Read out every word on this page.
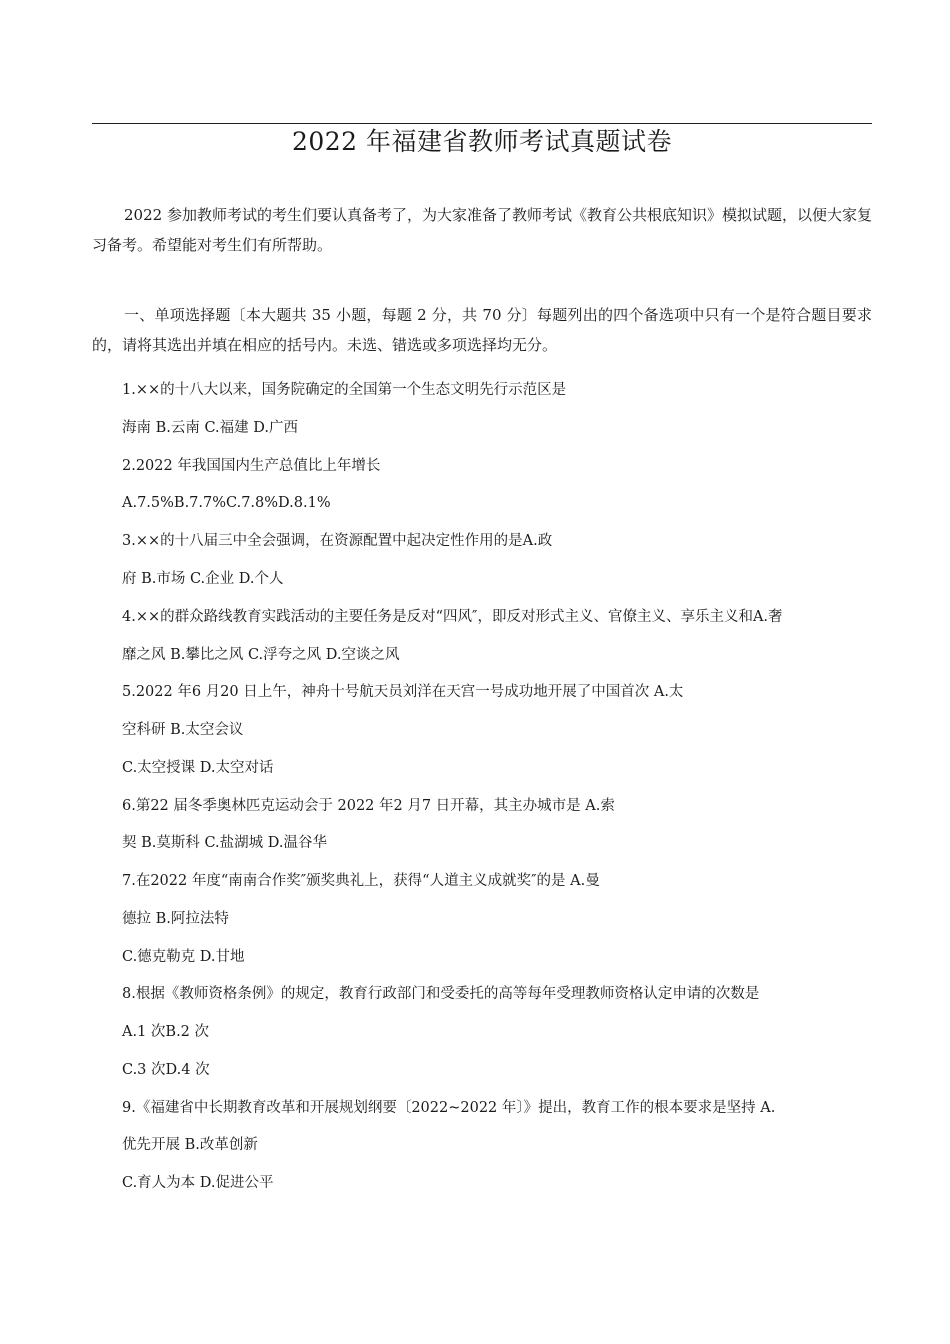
2022 年福建省教师考试真题试卷

2022 参加教师考试的考生们要认真备考了，为大家准备了教师考试《教育公共根底知识》模拟试题，以便大家复习备考。希望能对考生们有所帮助。

一、单项选择题〔本大题共 35 小题，每题 2 分，共 70 分〕每题列出的四个备选项中只有一个是符合题目要求的，请将其选出并填在相应的括号内。未选、错选或多项选择均无分。

1.××的十八大以来，国务院确定的全国第一个生态文明先行示范区是

海南 B.云南 C.福建 D.广西

2.2022 年我国国内生产总值比上年增长

A.7.5%B.7.7%C.7.8%D.8.1%

3.××的十八届三中全会强调，在资源配置中起决定性作用的是A.政

府 B.市场 C.企业 D.个人

4.××的群众路线教育实践活动的主要任务是反对“四风″，即反对形式主义、官僚主义、享乐主义和A.奢

靡之风 B.攀比之风 C.浮夸之风 D.空谈之风

5.2022 年6 月20 日上午，神舟十号航天员刘洋在天宫一号成功地开展了中国首次 A.太

空科研 B.太空会议

C.太空授课 D.太空对话

6.第22 届冬季奥林匹克运动会于 2022 年2 月7 日开幕，其主办城市是 A.索

契 B.莫斯科 C.盐湖城 D.温谷华

7.在2022 年度“南南合作奖″颁奖典礼上，获得“人道主义成就奖″的是 A.曼

德拉 B.阿拉法特

C.德克勒克 D.甘地

8.根据《教师资格条例》的规定，教育行政部门和受委托的高等每年受理教师资格认定申请的次数是

A.1 次B.2 次

C.3 次D.4 次

9.《福建省中长期教育改革和开展规划纲要〔2022~2022 年〕》提出，教育工作的根本要求是坚持 A.

优先开展 B.改革创新

C.育人为本 D.促进公平
